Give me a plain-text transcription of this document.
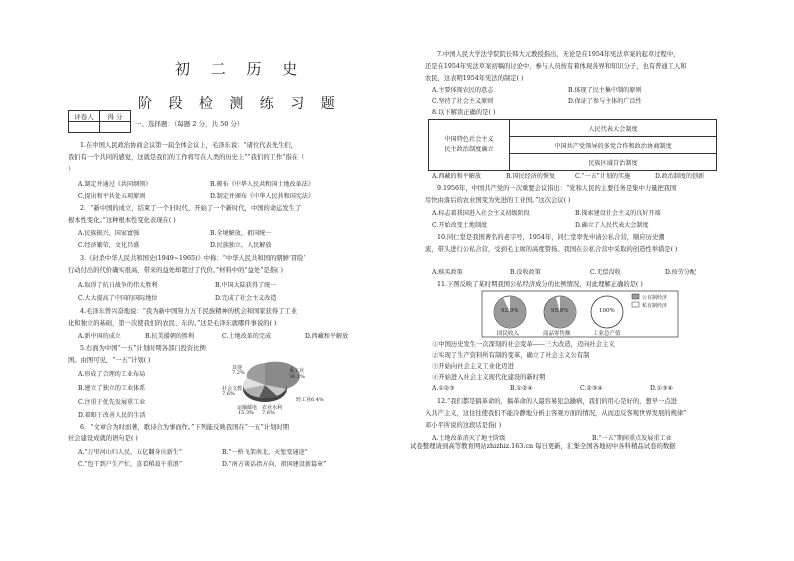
初 二 历 史
阶 段 检 测 练 习 题
评卷人	得 分

一、选择题：（每题 2 分，共 50 分）
1.在中国人民政治协商会议第一届全体会议上，毛泽东说：“诸位代表先生们，
我们有一个共同的感觉，这就是我们的工作将写在人类的历史上”“我们的工作”指在（
）
A.制定并通过《共同纲领》	B.颁布《中华人民共和国土地改革法》
C.提出和平共处五项原则	D.制定并颁布《中华人民共和国宪法》
2．“新中国的成立，结束了一个旧时代，开始了一个新时代，中国的命运发生了
根本性变化。”这种根本性变化表现在( )
A.民族振兴，国家富强	B.全境解放、祖国统一
C.经济繁荣，文化昌盛	D.民族独立、人民解放
3.《封杀中华人民共和国史(1949~1965)》中称：“中华人民共和国的朝鲜‘冒险’
行动付出的代价确实很高，带来的益处却超过了代价。”材料中的“益处”是指( )
A.取得了抗日战争的伟大胜利	B.中国大陆获得了统一
C.大大提高了中国的国际地位	D.完成了社会主义改造
4.毛泽东曾兴奋地说：“我为新中国努力万千民族精神的机会和国家获得了工业
化和独立的基础，第一次使我们的农民、东的。”这是毛泽东就哪件事说的( )
A.新中国的成立	B.抗美援朝的胜利	C.土地改革的完成	D.西藏和平解放
5.右面为中国“一五”计划时期各部门投资比例
图。由图可见，“一五”计划( )
A.形成了合理的工业布局
B.建立了独立的工业体系
C.注重于优先发展重工业
D.着眼于改善人民的生活
重工业
36.1%
轻工业6.4%
农业水利
7.6%
运输邮电
15.3%
社会文教
7.6%
其他
7.2%
6．“文章合为时而著，歌诗合为事而作。”下列能反映我国在“一五”计划时期
社会建设成就的语句是( )
A.“万里河山归人民，五亿翻身庆新生”	B.“一桥飞架南北，天堑变通途”
C.“包干到户生产忙，喜看稻菽千重浪”	D.“南方谈话指方向，祖国建设新篇章”
7.中国人民大学法学院院长韩大元教授指出，无论是在1954年宪法草案的起草过程中，
还是在1954年宪法草案初稿的讨论中，参与人员按有着体现各界和知识分子，也有普通工人和
农民，这表明1954年宪法的制定( )
A.主要体现农民的意志	B.体现了民主集中制的原则
C.坚持了社会主义原则	D.保证了参与主体的广泛性
8.以下解读正确的是( )
中国特色社会主义
民主政治制度确立
	人民代表大会制度
中国共产党领导的多党合作和政治协商制度
民族区域自治制度
A.西藏的和平解放	B.国民经济的恢复	C.“一五”计划的实施	D.政治制度的创新
9.1956年，中国共产党的一次重要会议指出：“党和人民的主要任务是集中力量把我国
尽快由落后的农业国变为先进的工业国。”这次会议( )
A.标志着我国进入社会主义初级阶段	B.探索建设社会主义的良好开端
C.开始改变土地制度	D.确立了人民代表大会制度
10.同仁堂是我国著名的老字号，1954年，同仁堂率先申请公私合营，顺应历史潮
流，带头进行公私合营，受到毛主席的高度赞扬。我国在公私合营中采取的创造性举措是( )
A.赎买政策	B.没收政策	C.无偿没收	D.按劳分配
11.下图反映了某时期我国公私经济成分的比例情况，对此理解正确的是( )
公有制经济
私有制经济
92.9%	95.8%	100%
国民收入	商品零售额	工业总产值
①中国历史发生一次深刻的社会变革——三大改造，迈向社会主义
②实现了生产资料所有制的变革，确立了社会主义公有制
③开始向社会主义工业化迈进
④开始进入社会主义现代化建设的新时期
A.①②③	B.①②④	C.②③④	D.①③④
12.“我们都是搞革命的，搞革命的人最容易犯急躁病，我们的用心是好的，想早一点进
入共产主义，这往往使我们不能冷静地分析主客观方面的情况，从而违反客观世界发展的规律”
邓小平所说的这段话是指( )
A.土地改革消灭了地主阶级	B.“一五”期间重点发展重工业
试卷整理请到高等教育网站zhizhiz.163.cn 每日更新，汇集全国各地初中各科精品试卷的数据
